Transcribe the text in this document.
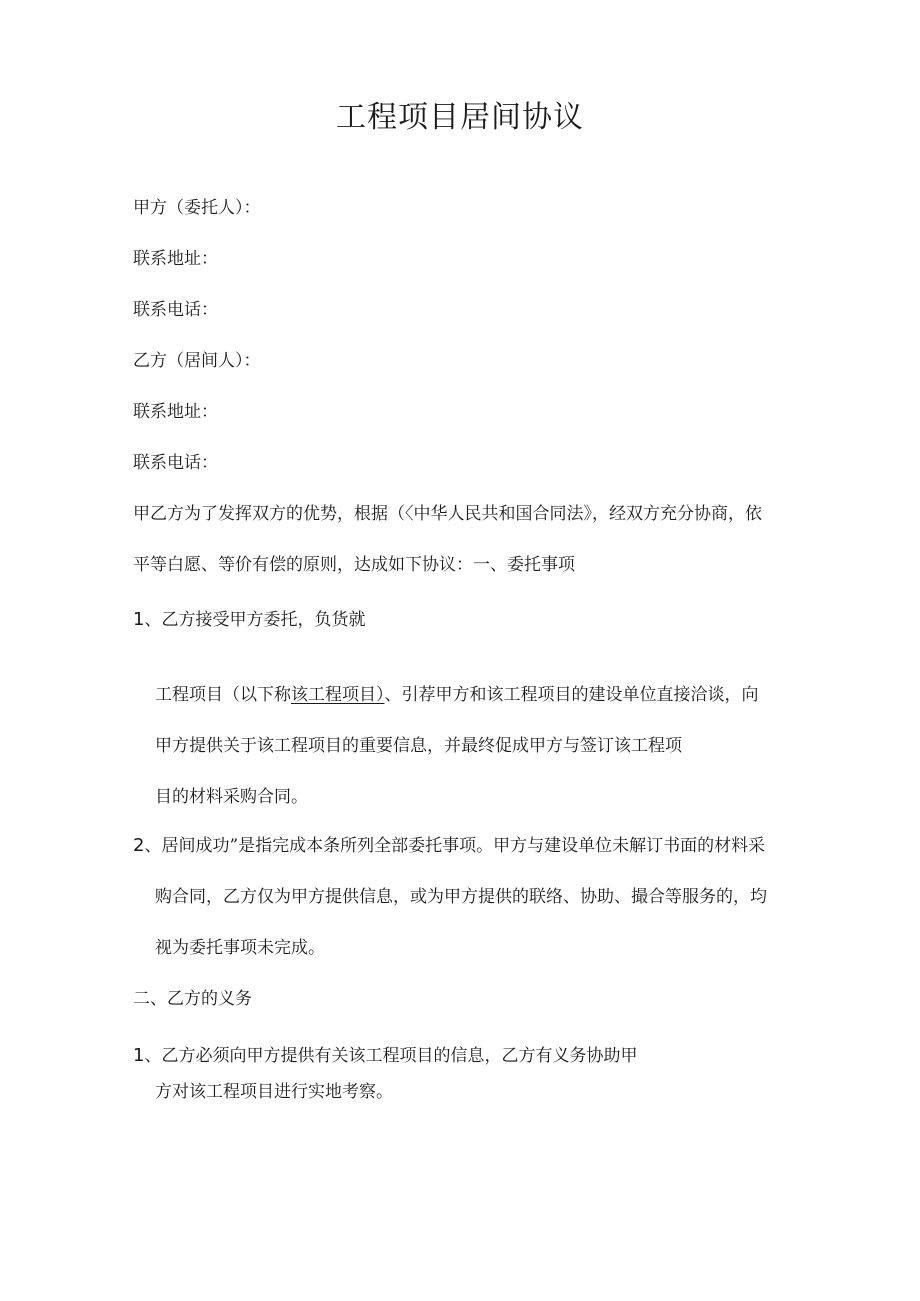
工程项目居间协议

甲方（委托人）：

联系地址：

联系电话：

乙方（居间人）：

联系地址：

联系电话：

甲乙方为了发挥双方的优势，根据（〈中华人民共和国合同法》，经双方充分协商，依

平等白愿、等价有偿的原则，达成如下协议：一、委托事项

1、乙方接受甲方委托，负货就

工程项目（以下称该工程项目）、引荐甲方和该工程项目的建设单位直接洽谈，向

甲方提供关于该工程项目的重要信息，并最终促成甲方与签订该工程项

目的材料采购合同。

2、居间成功”是指完成本条所列全部委托事项。甲方与建设单位未解订书面的材料采

购合同，乙方仅为甲方提供信息，或为甲方提供的联络、协助、撮合等服务的，均

视为委托事项未完成。

二、乙方的义务

1、乙方必须向甲方提供有关该工程项目的信息，乙方有义务协助甲

方对该工程项目进行实地考察。
